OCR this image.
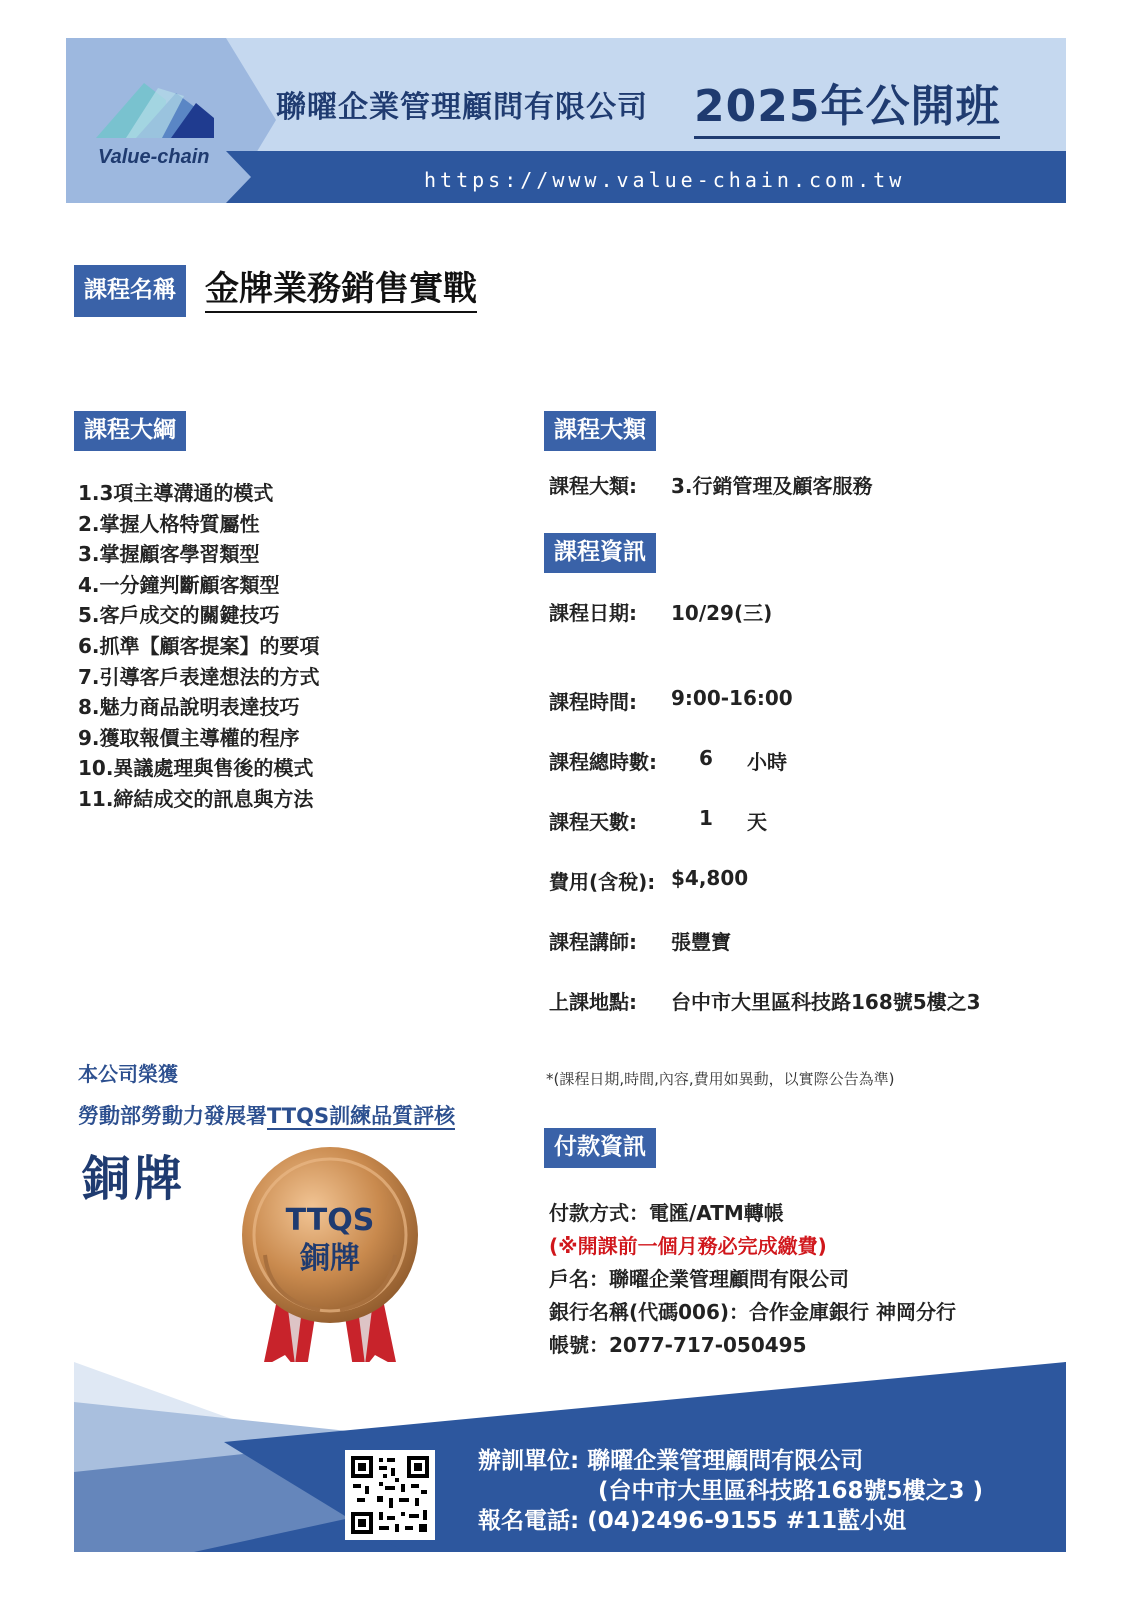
Value-chain
聯曜企業管理顧問有限公司 2025年公開班
https://www.value-chain.com.tw
課程名稱 金牌業務銷售實戰
課程大綱
1.3項主導溝通的模式
2.掌握人格特質屬性
3.掌握顧客學習類型
4.一分鐘判斷顧客類型
5.客戶成交的關鍵技巧
6.抓準【顧客提案】的要項
7.引導客戶表達想法的方式
8.魅力商品說明表達技巧
9.獲取報價主導權的程序
10.異議處理與售後的模式
11.締結成交的訊息與方法
課程大類
課程大類: 3.行銷管理及顧客服務
課程資訊
課程日期: 10/29(三)
課程時間: 9:00-16:00
課程總時數: 6 小時
課程天數:	1 天
費用(含稅): $4,800
課程講師: 張豐寶
上課地點: 台中市大里區科技路168號5樓之3
*(課程日期,時間,內容,費用如異動，以實際公告為準)
本公司榮獲
勞動部勞動力發展署TTQS訓練品質評核
銅牌
TTQS
銅牌
付款資訊
付款方式：電匯/ATM轉帳
(※開課前一個月務必完成繳費)
戶名：聯曜企業管理顧問有限公司
銀行名稱(代碼006)：合作金庫銀行 神岡分行
帳號：2077-717-050495
辦訓單位: 聯曜企業管理顧問有限公司
(台中市大里區科技路168號5樓之3 )
報名電話: (04)2496-9155 #11藍小姐
